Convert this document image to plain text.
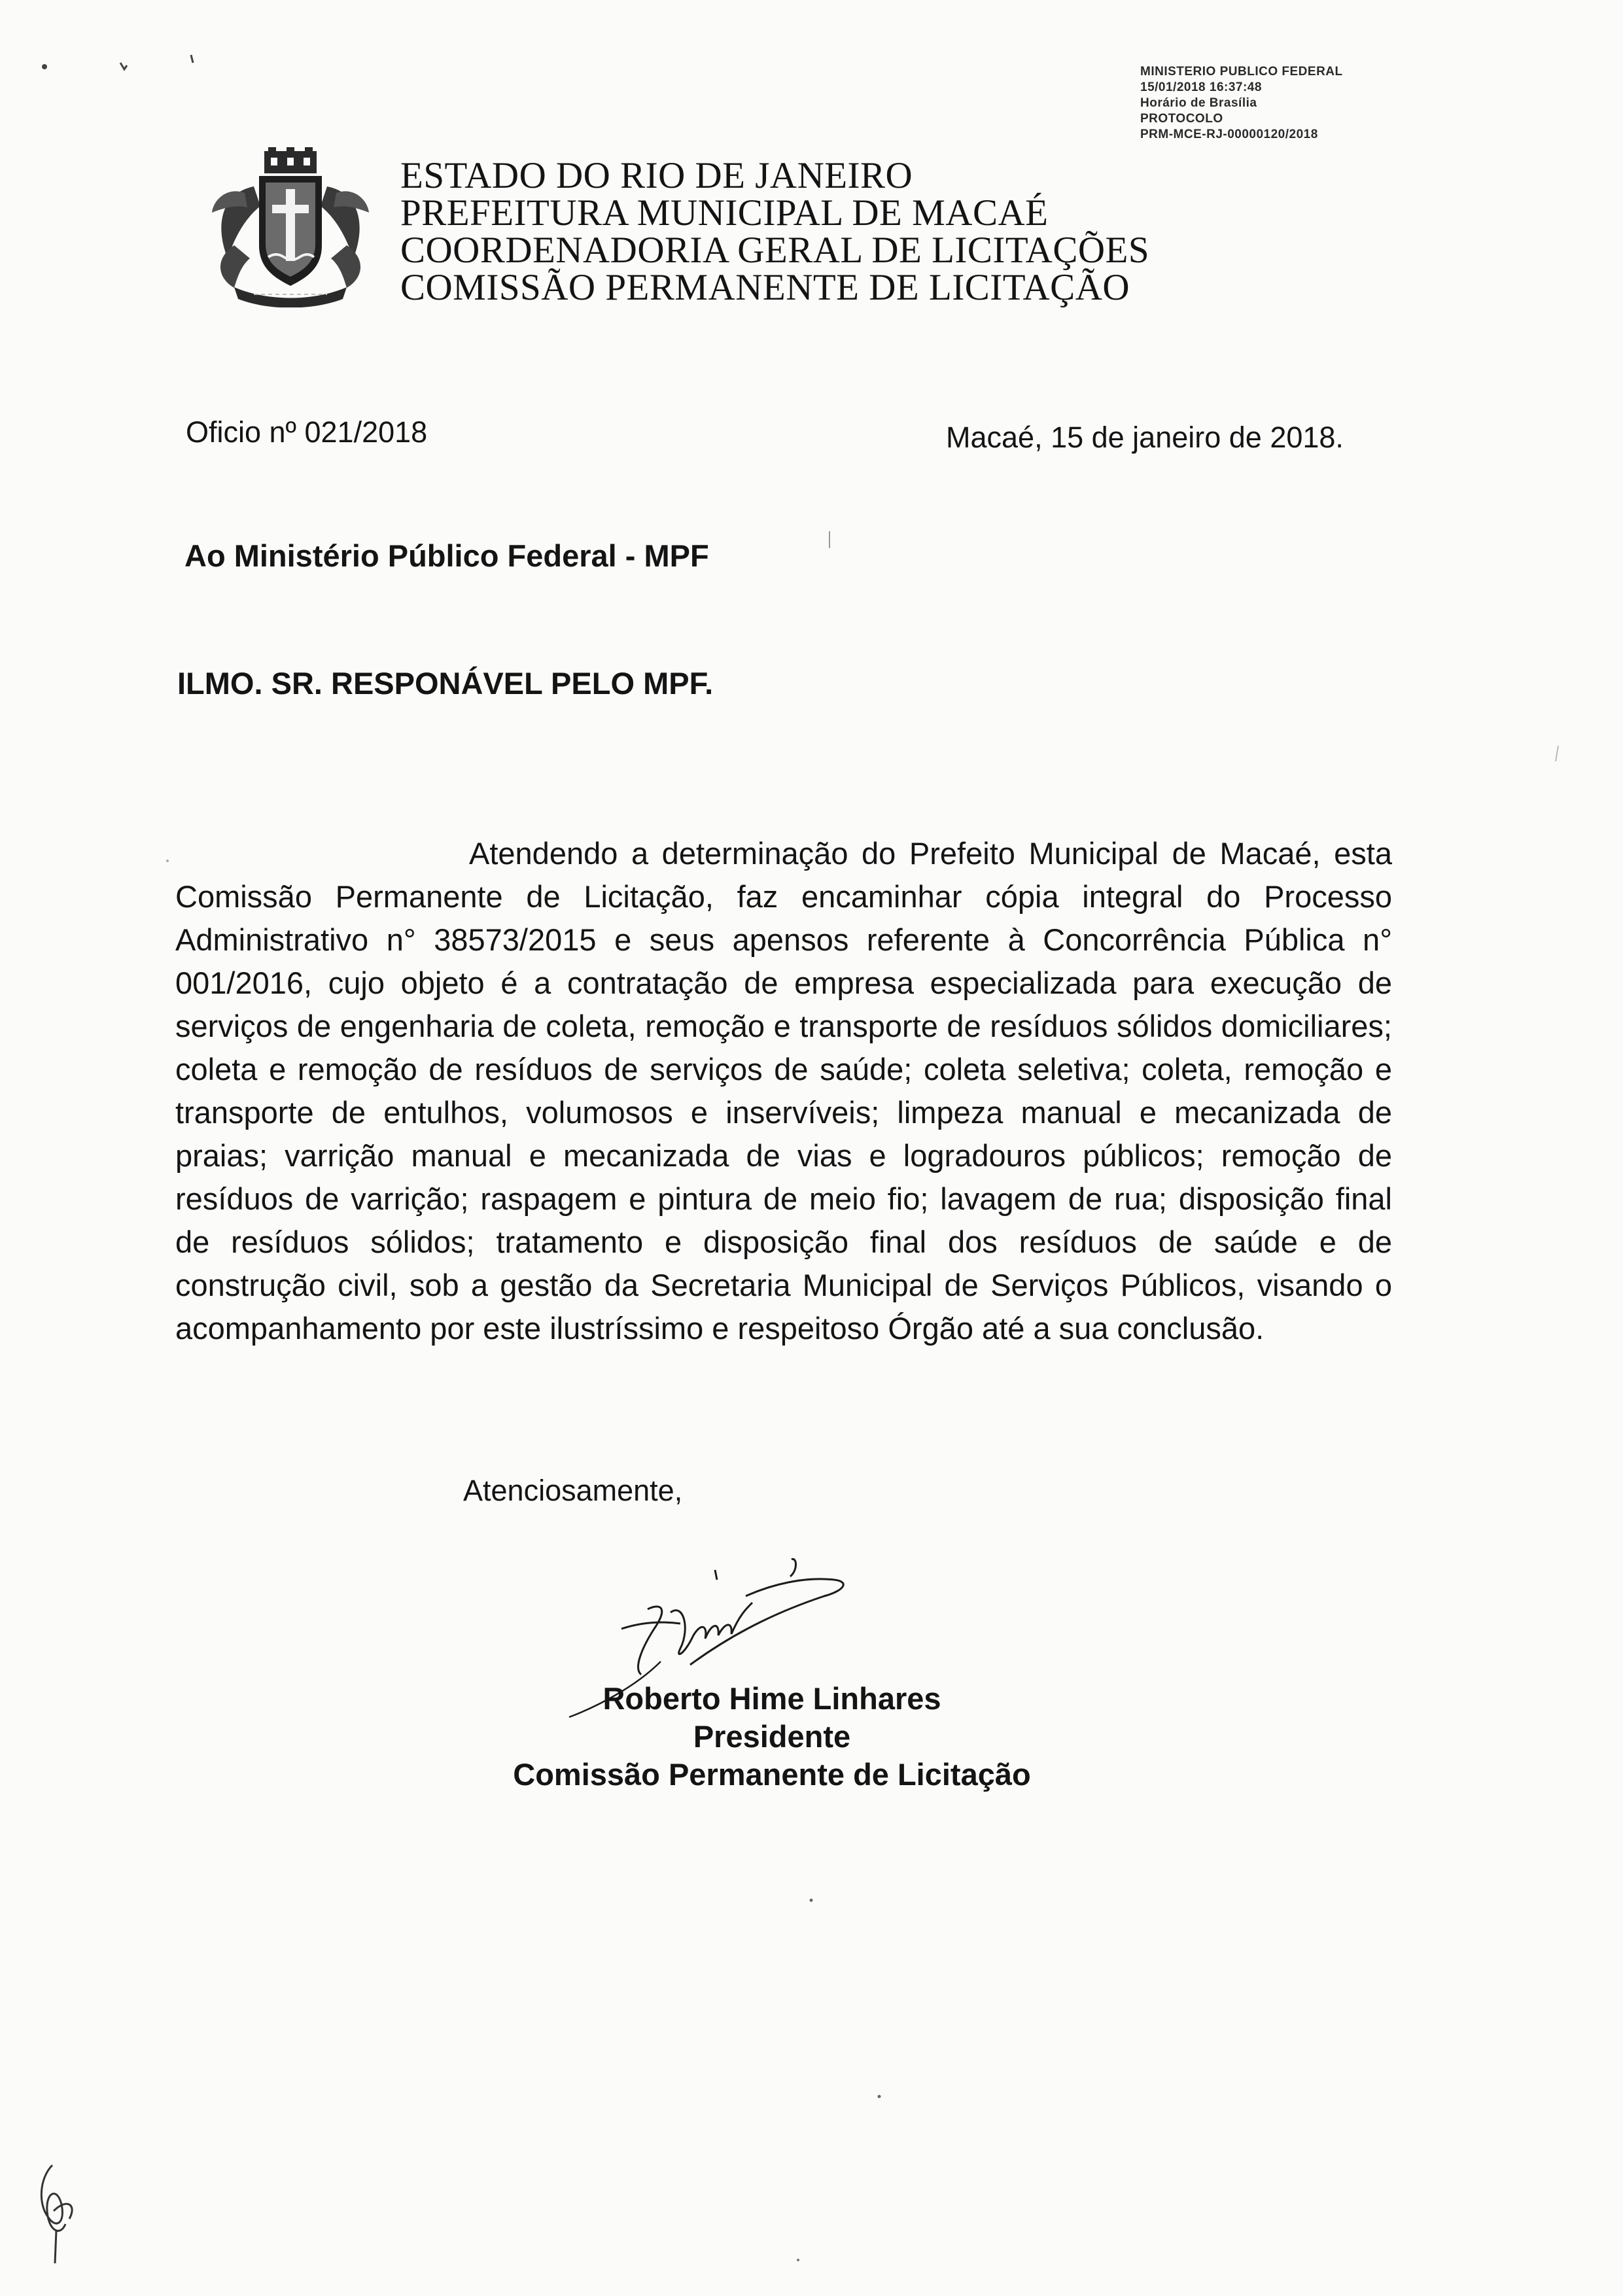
MINISTERIO PUBLICO FEDERAL
15/01/2018 16:37:48
Horário de Brasília
PROTOCOLO
PRM-MCE-RJ-00000120/2018
ESTADO DO RIO DE JANEIRO
PREFEITURA MUNICIPAL DE MACAÉ
COORDENADORIA GERAL DE LICITAÇÕES
COMISSÃO PERMANENTE DE LICITAÇÃO
Oficio nº 021/2018	Macaé, 15 de janeiro de 2018.
Ao Ministério Público Federal - MPF
ILMO. SR. RESPONÁVEL PELO MPF.
Atendendo a determinação do Prefeito Municipal de Macaé, esta Comissão Permanente de Licitação, faz encaminhar cópia integral do Processo Administrativo n° 38573/2015 e seus apensos referente à Concorrência Pública n° 001/2016, cujo objeto é a contratação de empresa especializada para execução de serviços de engenharia de coleta, remoção e transporte de resíduos sólidos domiciliares; coleta e remoção de resíduos de serviços de saúde; coleta seletiva; coleta, remoção e transporte de entulhos, volumosos e inservíveis; limpeza manual e mecanizada de praias; varrição manual e mecanizada de vias e logradouros públicos; remoção de resíduos de varrição; raspagem e pintura de meio fio; lavagem de rua; disposição final de resíduos sólidos; tratamento e disposição final dos resíduos de saúde e de construção civil, sob a gestão da Secretaria Municipal de Serviços Públicos, visando o acompanhamento por este ilustríssimo e respeitoso Órgão até a sua conclusão.
Atenciosamente,
Roberto Hime Linhares
Presidente
Comissão Permanente de Licitação
